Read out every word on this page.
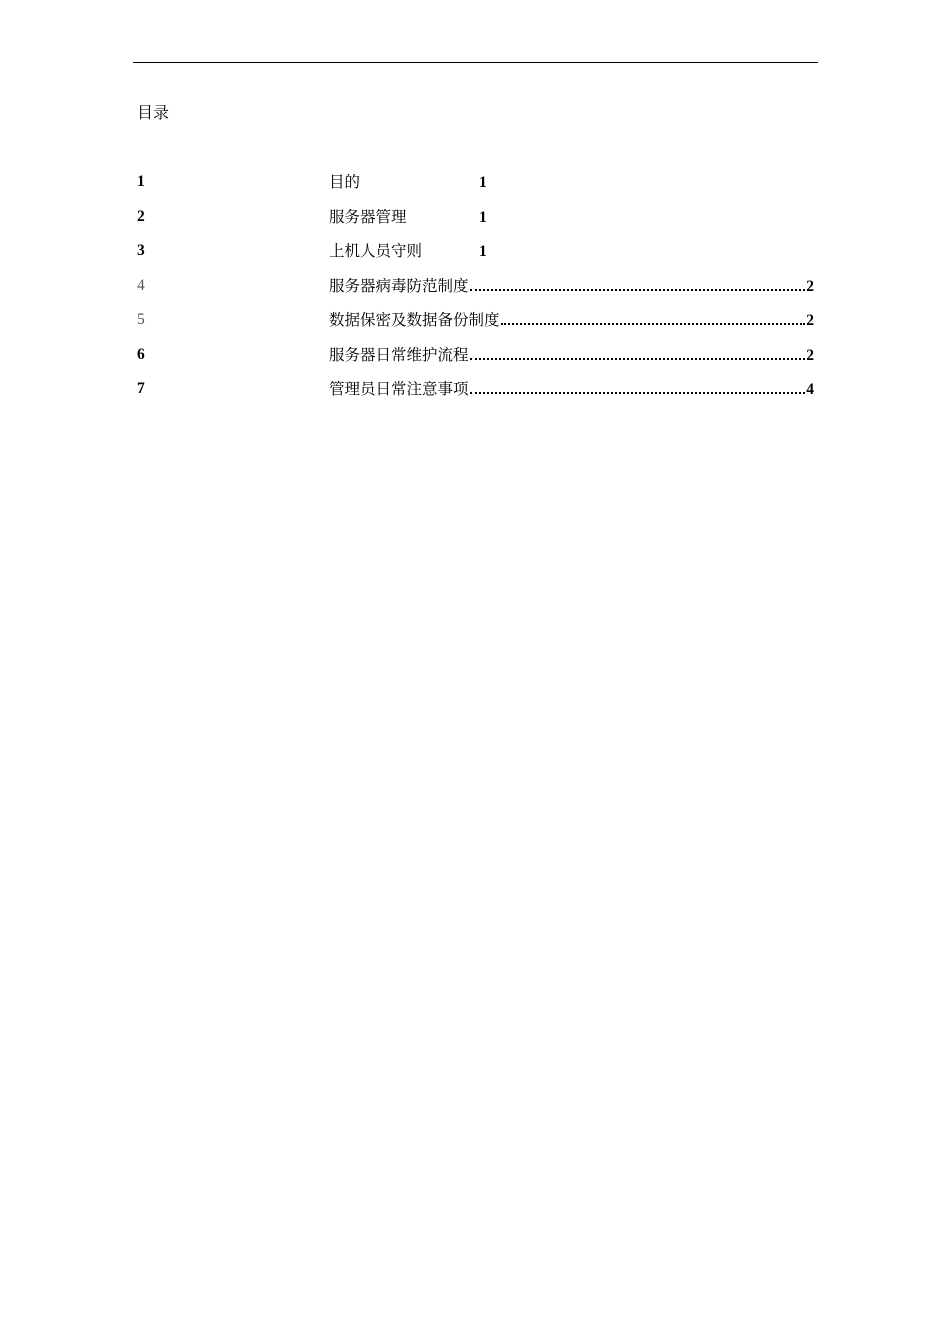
目录
1	目的	1
2	服务器管理	1
3	上机人员守则	1
4	服务器病毒防范制度	2
5	数据保密及数据备份制度	2
6	服务器日常维护流程	2
7	管理员日常注意事项	4
